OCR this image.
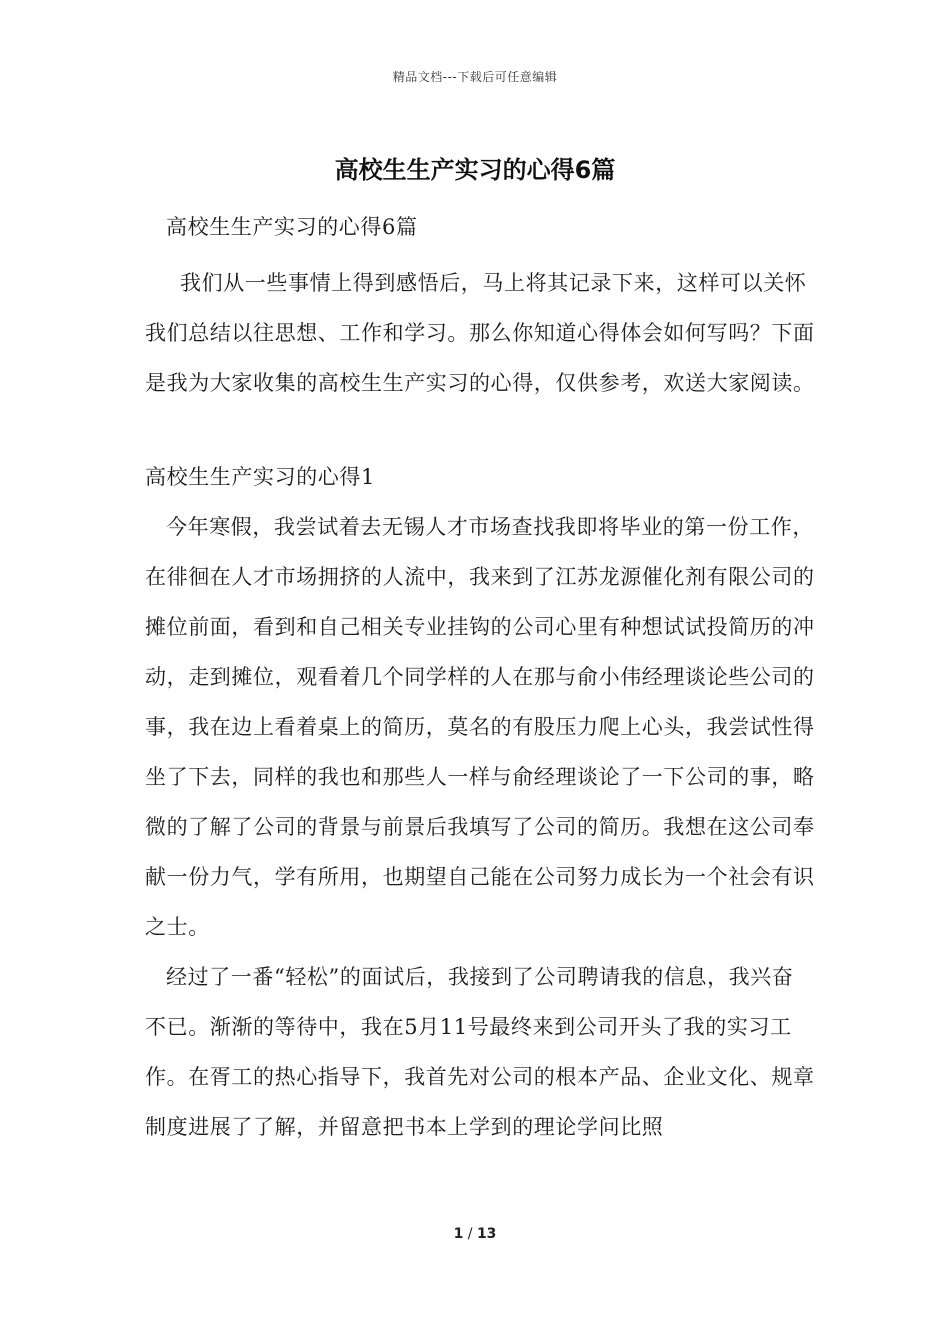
精品文档---下载后可任意编辑
高校生生产实习的心得6篇

高校生生产实习的心得6篇

我们从一些事情上得到感悟后，马上将其记录下来，这样可以关怀我们总结以往思想、工作和学习。那么你知道心得体会如何写吗？下面是我为大家收集的高校生生产实习的心得，仅供参考，欢送大家阅读。

高校生生产实习的心得1

今年寒假，我尝试着去无锡人才市场查找我即将毕业的第一份工作，在徘徊在人才市场拥挤的人流中，我来到了江苏龙源催化剂有限公司的摊位前面，看到和自己相关专业挂钩的公司心里有种想试试投简历的冲动，走到摊位，观看着几个同学样的人在那与俞小伟经理谈论些公司的事，我在边上看着桌上的简历，莫名的有股压力爬上心头，我尝试性得坐了下去，同样的我也和那些人一样与俞经理谈论了一下公司的事，略微的了解了公司的背景与前景后我填写了公司的简历。我想在这公司奉献一份力气，学有所用，也期望自己能在公司努力成长为一个社会有识之士。

经过了一番“轻松”的面试后，我接到了公司聘请我的信息，我兴奋不已。渐渐的等待中，我在5月11号最终来到公司开头了我的实习工作。在胥工的热心指导下，我首先对公司的根本产品、企业文化、规章制度进展了了解，并留意把书本上学到的理论学问比照

1 / 13
